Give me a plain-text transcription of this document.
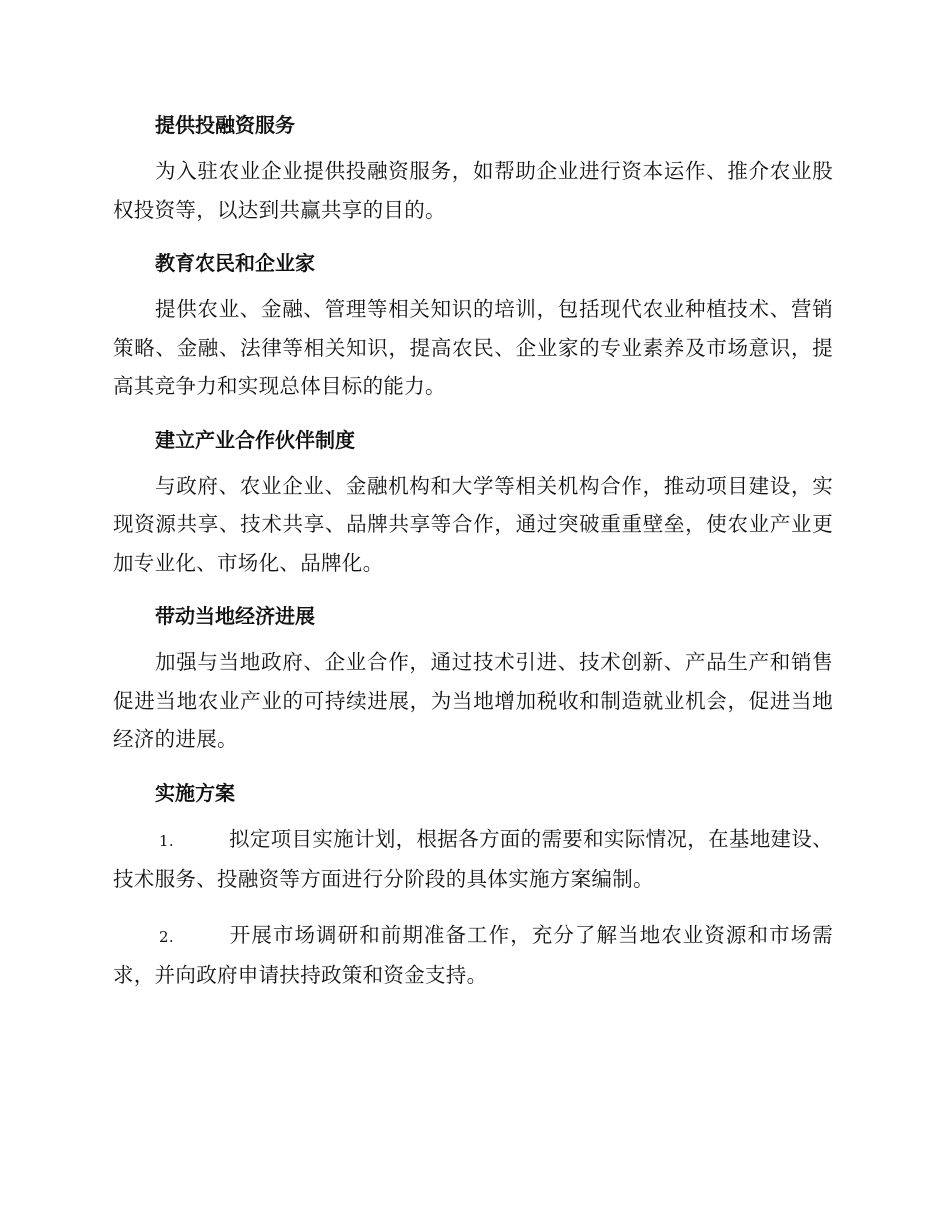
提供投融资服务

为入驻农业企业提供投融资服务，如帮助企业进行资本运作、推介农业股权投资等，以达到共赢共享的目的。

教育农民和企业家

提供农业、金融、管理等相关知识的培训，包括现代农业种植技术、营销策略、金融、法律等相关知识，提高农民、企业家的专业素养及市场意识，提高其竞争力和实现总体目标的能力。

建立产业合作伙伴制度

与政府、农业企业、金融机构和大学等相关机构合作，推动项目建设，实现资源共享、技术共享、品牌共享等合作，通过突破重重壁垒，使农业产业更加专业化、市场化、品牌化。

带动当地经济进展

加强与当地政府、企业合作，通过技术引进、技术创新、产品生产和销售促进当地农业产业的可持续进展，为当地增加税收和制造就业机会，促进当地经济的进展。

实施方案

1.	拟定项目实施计划，根据各方面的需要和实际情况，在基地建设、技术服务、投融资等方面进行分阶段的具体实施方案编制。

2.	开展市场调研和前期准备工作，充分了解当地农业资源和市场需求，并向政府申请扶持政策和资金支持。
